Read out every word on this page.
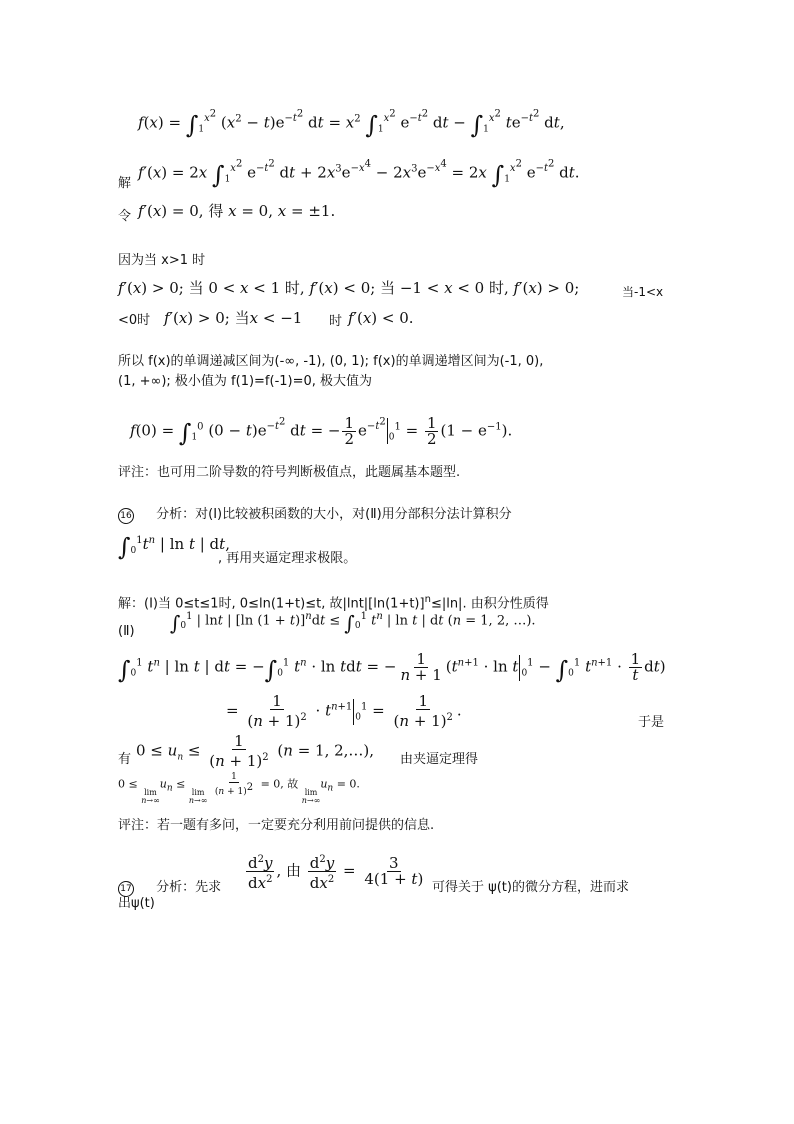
$f(x) = \int_1^{x^2}$ $(x^2 - t)e^{-t^2}$ dt = $x^2$ $\int_1^{x^2}$ $e^{-t^2}$ dt − $\int_1^{x^2}$ $te^{-t^2}$ dt,
f′(x) = 2x $\int_1^{x^2}$ $e^{-t^2}$ dt + $2x^3e^{-x^4} - 2x^3e^{-x^4} = 2x$ $\int_1^{x^2}$ $e^{-t^2}$ dt.
解
令 f′(x) = 0, 得 x = 0, x = ±1.
因为当 x>1 时
f′(x) > 0; 当 0 < x < 1 时, f′(x) < 0; 当 −1 < x < 0 时, f′(x) > 0;	当-1<x
<0时 f′(x) > 0; 当x < −1 时 f′(x) < 0.
所以 f(x)的单调递减区间为(-∞, -1), (0, 1); f(x)的单调递增区间为(-1, 0),
(1, +∞); 极小值为 f(1)=f(-1)=0, 极大值为
$f(0) = \int_1^0$ $(0 - t)e^{-t^2}$ dt = − $\frac{1}{2} e^{-t^2}_0^1 = \frac{1}{2} (1 - e^{-1})$.
评注：也可用二阶导数的符号判断极值点，此题属基本题型.
16 分析：对(Ⅰ)比较被积函数的大小，对(Ⅱ)用分部积分法计算积分
$\int_0^1t^n$ | ln t | dt,
, 再用夹逼定理求极限。
解：(Ⅰ)当 0≤t≤1时, 0≤ln(1+t)≤t, 故$|\ln t|[\ln(1+t)]^n\le|\ln|$. 由积分性质得
(Ⅱ) $\int_0^1$ | lnt | [ln $(1 + t)]^ndt \le \int_0^1$ $t^n$ | ln t | dt (n = 1, 2, …).
$\int_0^1$ $t^n$ | ln t | dt = $-\int_0^1$ $t^n \cdot \ln$ tdt = − $\frac{1}{n + 1} (t^{n+1} \cdot \ln t$ $_0^1 - \int_0^1$ $t^{n+1} \cdot \frac{1}{t} dt$)
= $\frac{1}{(n + 1)^2} \cdot t^{n+1}_0^1 = \frac{1}{(n + 1)^2}$ .
于是
有 $0 \le u_n \le \frac{1}{(n + 1)^2} (n = 1$, 2,…), 由夹逼定理得
0 ≤
lim
n→∞
$u_n$ ≤
lim
n→∞

$\frac{1}{(n + 1)^2} = 0$, 故
lim
n→∞
$u_n = 0$.
评注：若一题有多问，一定要充分利用前问提供的信息.
17 分析：先求 $\frac{d^2y}{dx^2}$ , 由 $\frac{d^2y}{dx^2} = \frac{3}{4(1 + t)}$
可得关于 ψ(t)的微分方程，进而求
出ψ(t)
